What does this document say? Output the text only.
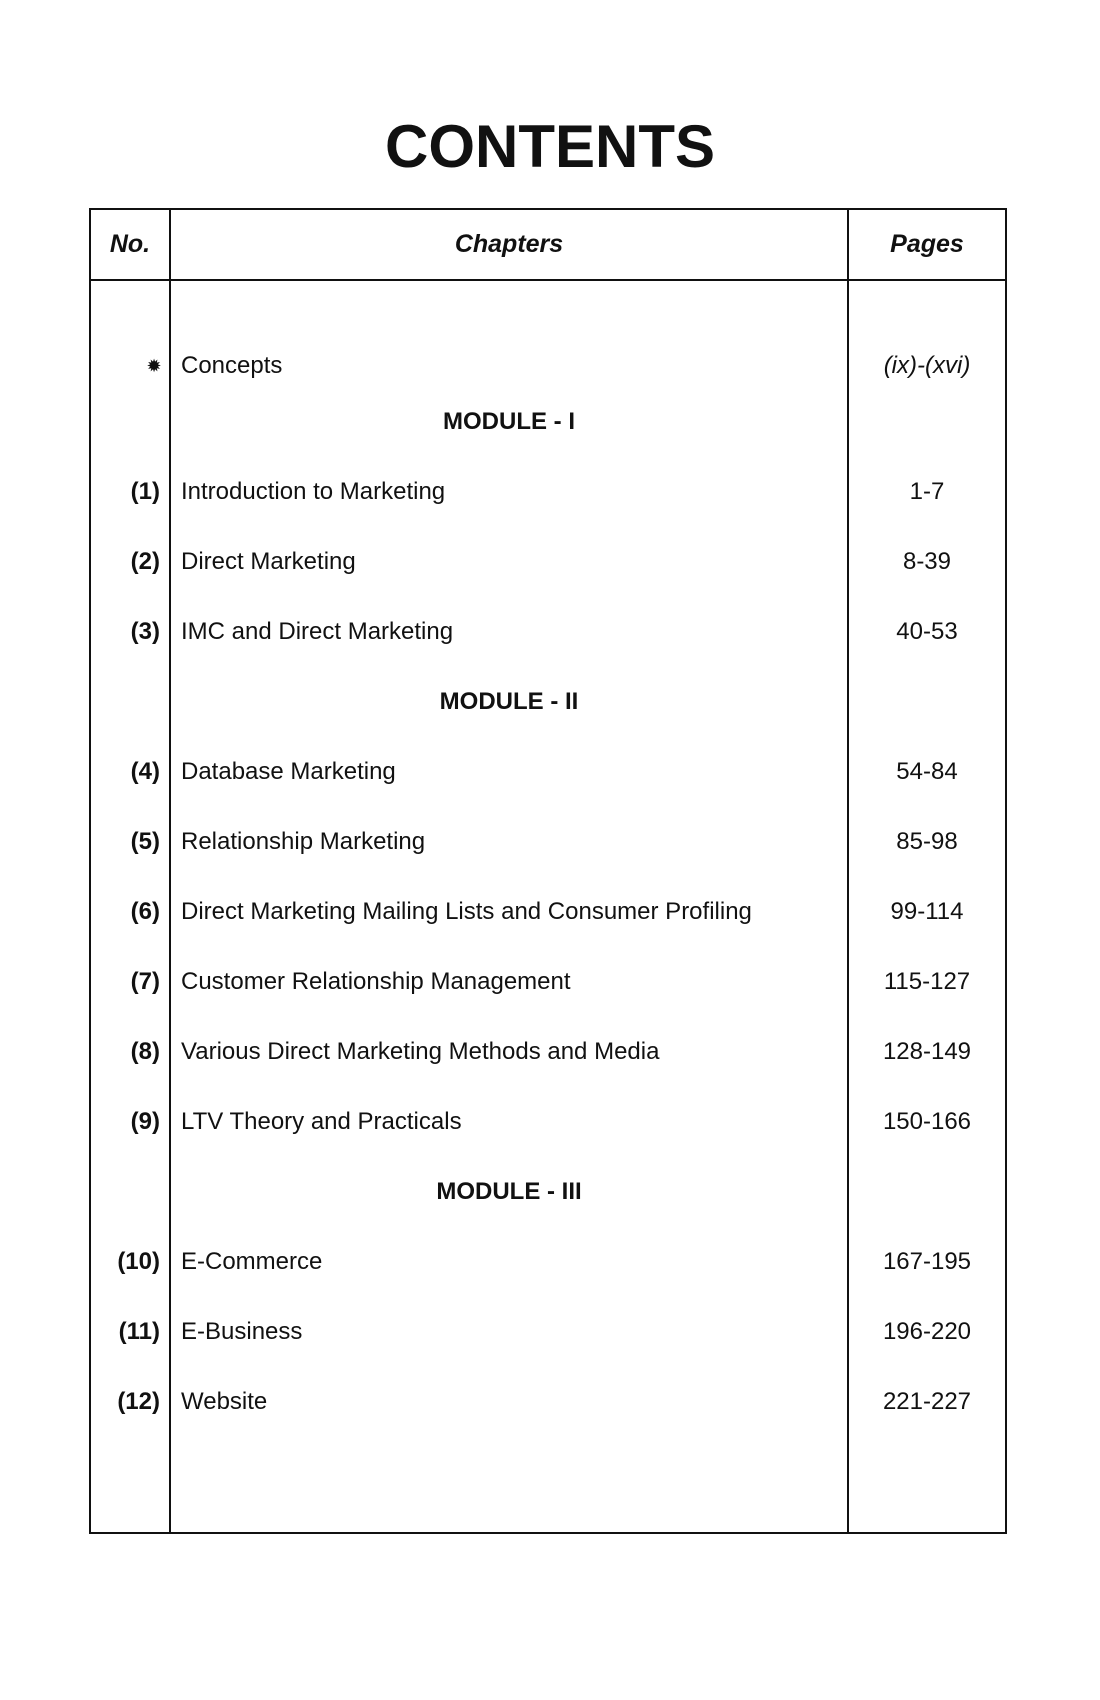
CONTENTS
No.	Chapters	Pages
✹ Concepts	(ix)-(xvi)
MODULE - I
(1) Introduction to Marketing	1-7
(2) Direct Marketing	8-39
(3) IMC and Direct Marketing	40-53
MODULE - II
(4) Database Marketing	54-84
(5) Relationship Marketing	85-98
(6) Direct Marketing Mailing Lists and Consumer Profiling	99-114
(7) Customer Relationship Management	115-127
(8) Various Direct Marketing Methods and Media	128-149
(9) LTV Theory and Practicals	150-166
MODULE - III
(10) E-Commerce	167-195
(11) E-Business	196-220
(12) Website	221-227
